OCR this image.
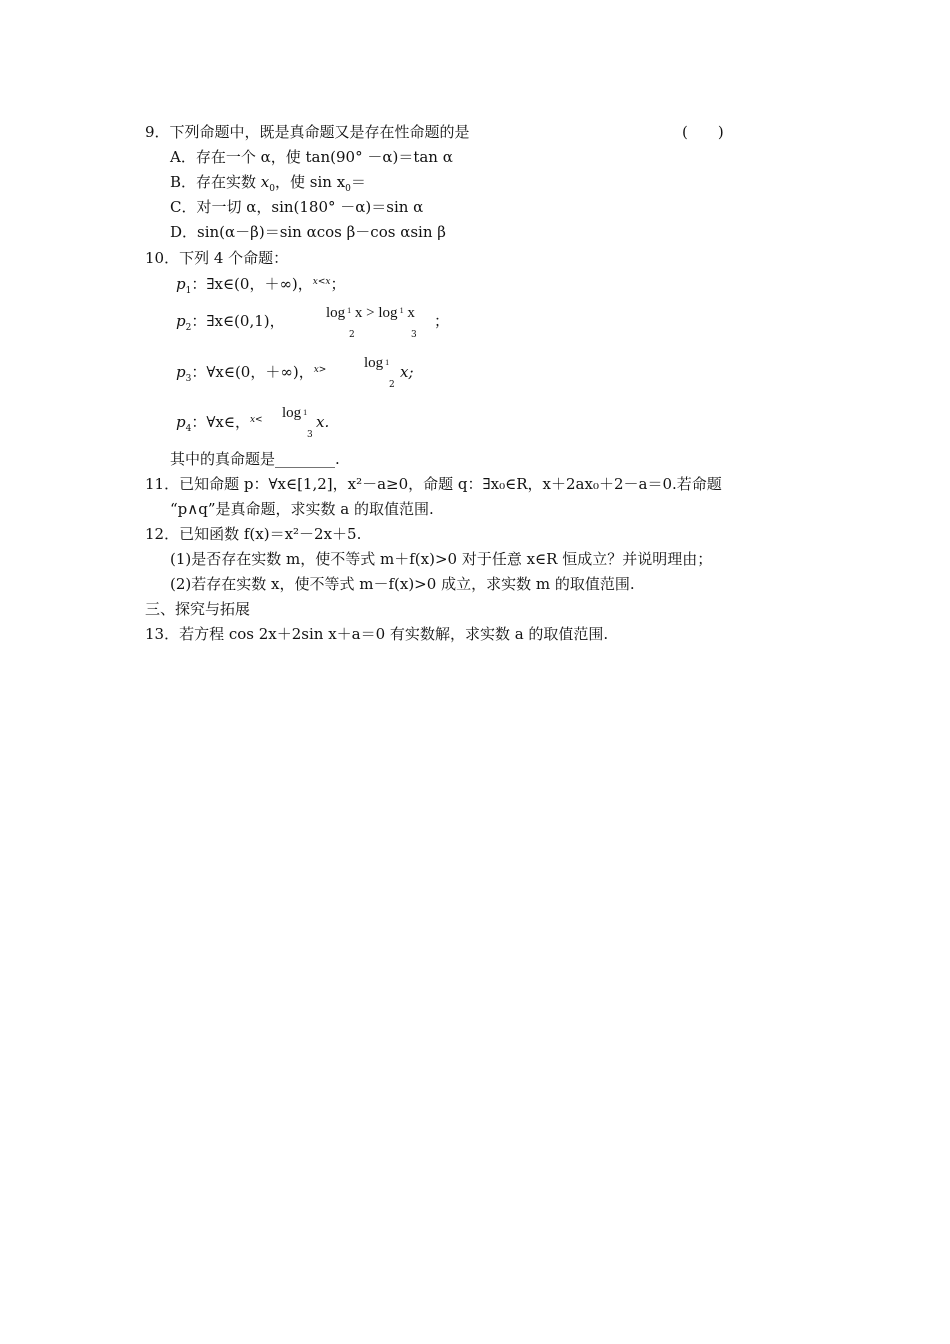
9．下列命题中，既是真命题又是存在性命题的是	(　　)
A．存在一个 α，使 tan(90° －α)＝tan α
B．存在实数 $x_0$，使 $\sin x_0=$
C．对一切 α，sin(180° －α)＝sin α
D．sin(α－β)＝sin αcos β－cos αsin β
10．下列 4 个命题：
$p_1$：∃x∈(0，＋∞)，$^{x<x}$；
$p_2$：∃x∈(0,1)，	log $^1$ x > log $^1$ x
2	3
；
$p_3$：∀x∈(0，＋∞)，$^{x>}$	log 1
2
x;
$p_4$：∀x∈，$^{x<}$ log 1
3
x.
其中的真命题是________.
11．已知命题 p：∀x∈[1,2]，x²－a≥0，命题 q：∃x₀∈R，x＋2ax₀＋2－a＝0.若命题
“p∧q”是真命题，求实数 a 的取值范围.
12．已知函数 f(x)＝x²－2x＋5.
(1)是否存在实数 m，使不等式 m＋f(x)>0 对于任意 x∈R 恒成立？并说明理由；
(2)若存在实数 x，使不等式 m－f(x)>0 成立，求实数 m 的取值范围.
三、探究与拓展
13．若方程 cos 2x＋2sin x＋a＝0 有实数解，求实数 a 的取值范围.
